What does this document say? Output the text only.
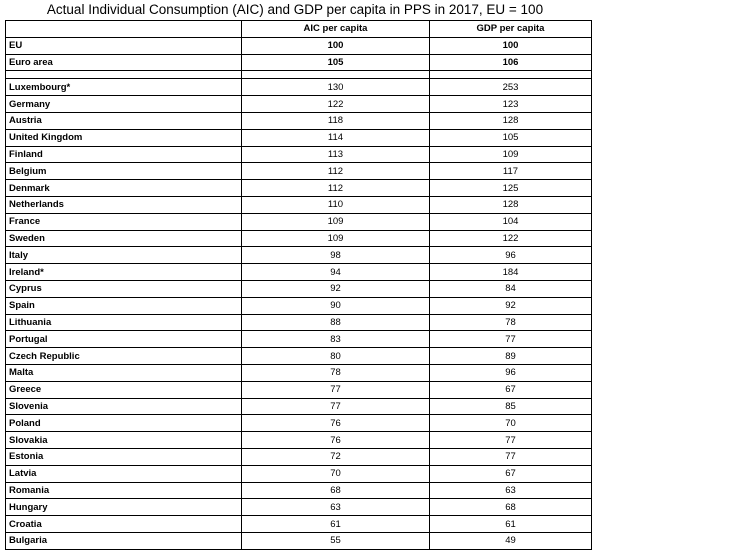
Actual Individual Consumption (AIC) and GDP per capita in PPS in 2017, EU = 100
	AIC per capita	GDP per capita
EU	100	100
Euro area	105	106

Luxembourg*	130	253
Germany	122	123
Austria	118	128
United Kingdom	114	105
Finland	113	109
Belgium	112	117
Denmark	112	125
Netherlands	110	128
France	109	104
Sweden	109	122
Italy	98	96
Ireland*	94	184
Cyprus	92	84
Spain	90	92
Lithuania	88	78
Portugal	83	77
Czech Republic	80	89
Malta	78	96
Greece	77	67
Slovenia	77	85
Poland	76	70
Slovakia	76	77
Estonia	72	77
Latvia	70	67
Romania	68	63
Hungary	63	68
Croatia	61	61
Bulgaria	55	49
